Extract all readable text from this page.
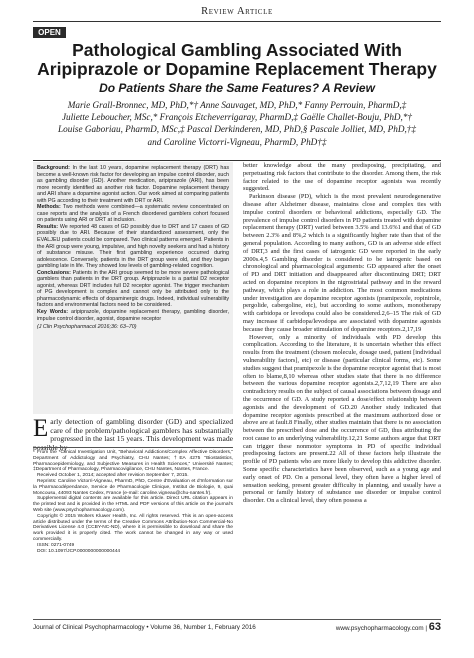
Review Article
OPEN
Pathological Gambling Associated With Aripiprazole or Dopamine Replacement Therapy
Do Patients Share the Same Features? A Review
Marie Grall-Bronnec, MD, PhD,*† Anne Sauvaget, MD, PhD,* Fanny Perrouin, PharmD,‡
Juliette Leboucher, MSc,* François Etcheverrigaray, PharmD,‡ Gaëlle Challet-Bouju, PhD,*†
Louise Gaboriau, PharmD, MSc,‡ Pascal Derkinderen, MD, PhD,§ Pascale Jolliet, MD, PhD,†‡
and Caroline Victorri-Vigneau, PharmD, PhD†‡

Background: In the last 10 years, dopamine replacement therapy (DRT) has become a well-known risk factor for developing an impulse control disorder, such as gambling disorder (GD). Another medication, aripiprazole (ARI), has been more recently identified as another risk factor. Dopamine replacement therapy and ARI share a dopamine agonist action. Our work aimed at comparing patients with PG according to their treatment with DRT or ARI.

Methods: Two methods were combined—a systematic review concentrated on case reports and the analysis of a French disordered gamblers cohort focused on patients using ARI or DRT at inclusion.

Results: We reported 48 cases of GD possibly due to DRT and 17 cases of GD possibly due to ARI. Because of their standardized assessment, only the EVALJEU patients could be compared. Two clinical patterns emerged. Patients in the ARI group were young, impulsive, and high novelty seekers and had a history of substance misuse. Their first gambling experience occurred during adolescence. Conversely, patients in the DRT group were old, and they began gambling late in life. They showed low levels of gambling-related cognition.

Conclusions: Patients in the ARI group seemed to be more severe pathological gamblers than patients in the DRT group. Aripiprazole is a partial D2 receptor agonist, whereas DRT includes full D2 receptor agonist. The trigger mechanism of PG development is complex and cannot only be attributed only to the pharmacodynamic effects of dopaminergic drugs. Indeed, individual vulnerability factors and environmental factors need to be considered.

Key Words: aripiprazole, dopamine replacement therapy, gambling disorder, impulse control disorder, agonist, dopamine receptor

(J Clin Psychopharmacol 2016;36: 63–70)

Early detection of gambling disorder (GD) and specialized care of the problem/pathological gamblers has substantially progressed in the last 15 years. This development was made possible by

From the *Clinical Investigation Unit, "Behavioral Addictions/Complex Affective Disorders," Department of Addictology and Psychiatry, CHU Nantes; †EA 4275 "Biostatistics, Pharmacoepidemiology, and Subjective Measures in Health Sciences," Université Nantes; ‡Department of Pharmacology, Pharmacovigilance, CHU Nantes, Nantes, France.

Received October 1, 2014; accepted after revision September 7, 2015.

Reprints: Caroline Victorri-Vigneau, PharmD, PhD, Centre d'Evaluation et d'Information sur la Pharmacodépendance, Service de Pharmacologie Clinique, Institut de Biologie, 9, quai Moncousu, 44093 Nantes Cedex, France (e-mail: caroline.vigneau@chu-nantes.fr).

Supplemental digital contents are available for this article. Direct URL citation appears in the printed text and is provided in the HTML and PDF versions of this article on the journal's Web site (www.psychopharmacology.com).

Copyright © 2015 Wolters Kluwer Health, Inc. All rights reserved. This is an open-access article distributed under the terms of the Creative Commons Attribution-Non Commercial-No Derivatives License 4.0 (CCBY-NC-ND), where it is permissible to download and share the work provided it is properly cited. The work cannot be changed in any way or used commercially.

ISSN: 0271-0749

DOI: 10.1097/JCP.0000000000000444

better knowledge about the many predisposing, precipitating, and perpetuating risk factors that contribute to the disorder. Among them, the risk factor related to the use of dopamine receptor agonists was recently suggested.

Parkinson disease (PD), which is the most prevalent neurodegenerative disease after Alzheimer disease, maintains close and complex ties with impulse control disorders or behavioral addictions, especially GD. The prevalence of impulse control disorders in PD patients treated with dopamine replacement therapy (DRT) varied between 3.5% and 13.6%1 and that of GD between 2.3% and 8%,2 which is a significantly higher rate than that of the general population. According to many authors, GD is an adverse side effect of DRT,3 and the first cases of iatrogenic GD were reported in the early 2000s.4,5 Gambling disorder is considered to be iatrogenic based on chronological and pharmacological arguments: GD appeared after the onset of PD and DRT initiation and disappeared after discontinuing DRT; DRT acted on dopamine receptors in the nigrostriatal pathway and in the reward pathway, which plays a role in addiction. The most common medications under investigation are dopamine receptor agonists (pramipexole, ropinirole, pergolide, cabergoline, etc), but according to some authors, monotherapy with carbidopa or levodopa could also be considered.2,6–15 The risk of GD may increase if carbidopa/levodopa are associated with dopamine agonists because they cause broader stimulation of dopamine receptors.2,17,19

However, only a minority of individuals with PD develop this complication. According to the literature, it is uncertain whether this effect results from the treatment (chosen molecule, dosage used, patient [individual vulnerability factors], etc) or disease (particular clinical forms, etc). Some studies suggest that pramipexole is the dopamine receptor agonist that is most often to blame,8,10 whereas other studies state that there is no difference between the various dopamine receptor agonists.2,7,12,19 There are also contradictory results on the subject of causal associations between dosage and the occurrence of GD. A study reported a dose/effect relationship between agonists and the development of GD.20 Another study indicated that dopamine receptor agonists prescribed at the maximum authorized dose or above are at fault.8 Finally, other studies maintain that there is no association between the prescribed dose and the occurrence of GD, thus attributing the root cause to an underlying vulnerability.12,21 Some authors argue that DRT can trigger these nonmotor symptoms in PD of specific individual predisposing factors are present.22 All of these factors help illustrate the profile of PD patients who are more likely to develop this addictive disorder. Some specific characteristics have been observed, such as a young age and early onset of PD. On a personal level, they often have a higher level of sensation seeking, present greater difficulty in planning, and usually have a personal or family history of substance use disorder or impulse control disorder. On a clinical level, they often possess a

Journal of Clinical Psychopharmacology • Volume 36, Number 1, February 2016	www.psychopharmacology.com | 63
